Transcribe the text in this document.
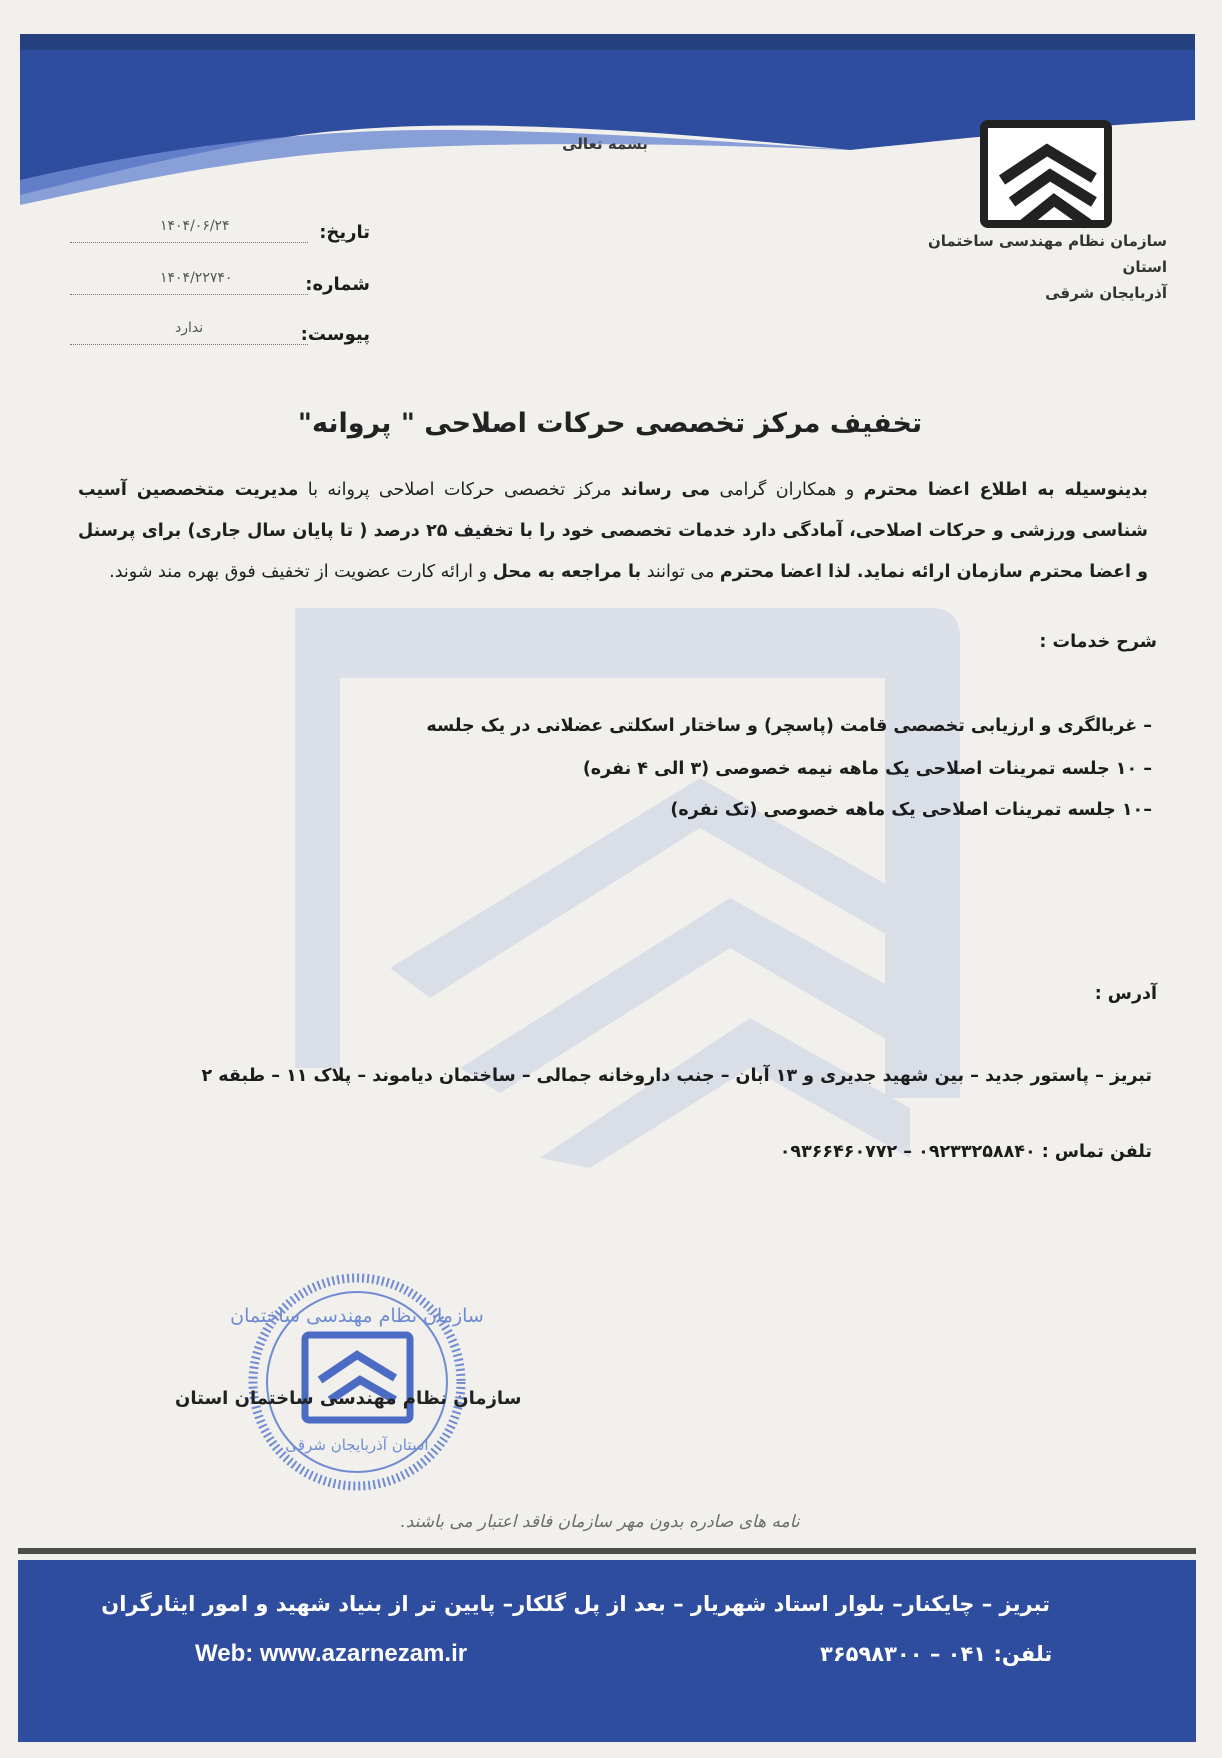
بسمه تعالی
سازمان نظام مهندسی ساختمان استان
آذربایجان شرقی
تاریخ:
۱۴۰۴/۰۶/۲۴
شماره:
۱۴۰۴/۲۲۷۴۰
پیوست:
ندارد
تخفیف مرکز تخصصی حرکات اصلاحی " پروانه"
بدینوسیله به اطلاع اعضا محترم و همکاران گرامی می رساند مرکز تخصصی حرکات اصلاحی پروانه با مدیریت متخصصین آسیب شناسی ورزشی و حرکات اصلاحی، آمادگی دارد خدمات تخصصی خود را با تخفیف ۲۵ درصد ( تا پایان سال جاری) برای پرسنل و اعضا محترم سازمان ارائه نماید. لذا اعضا محترم می توانند با مراجعه به محل و ارائه کارت عضویت از تخفیف فوق بهره مند شوند.
شرح خدمات :
– غربالگری و ارزیابی تخصصی قامت (پاسچر) و ساختار اسکلتی عضلانی در یک جلسه
– ۱۰ جلسه تمرینات اصلاحی یک ماهه نیمه خصوصی (۳ الی ۴ نفره)
–۱۰ جلسه تمرینات اصلاحی یک ماهه خصوصی (تک نفره)
آدرس :
تبریز – پاستور جدید – بین شهید جدیری و ۱۳ آبان – جنب داروخانه جمالی – ساختمان دیاموند – پلاک ۱۱ – طبقه ۲
تلفن تماس : ۰۹۲۳۳۲۵۸۸۴۰ – ۰۹۳۶۶۴۶۰۷۷۲
سازمان نظام مهندسی ساختمان
استان آذربایجان شرقی
سازمان نظام مهندسی ساختمان استان
نامه های صادره بدون مهر سازمان فاقد اعتبار می باشند.
تبریز – چایکنار– بلوار استاد شهریار – بعد از پل گلکار– پایین تر از بنیاد شهید و امور ایثارگران
Web: www.azarnezam.ir	تلفن: ۰۴۱ – ۳۶۵۹۸۳۰۰
